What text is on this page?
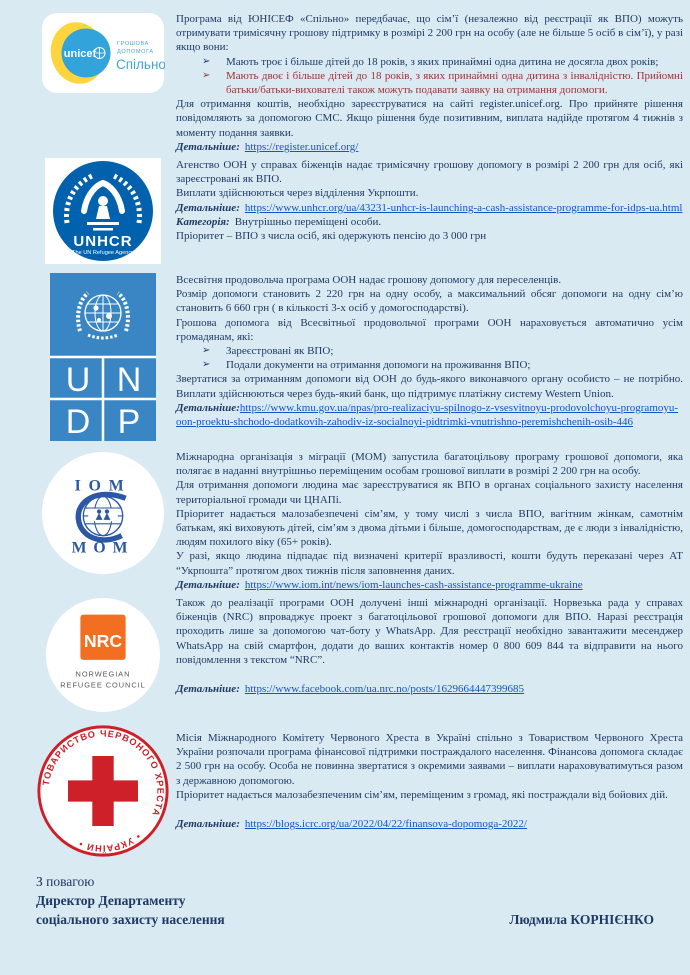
unicef
ГРОШОВА
ДОПОМОГА
Спільно

Програма від ЮНІСЕФ «Спільно» передбачає, що сім’ї (незалежно від реєстрації як ВПО) можуть отримувати тримісячну грошову підтримку в розмірі 2 200 грн на особу (але не більше 5 осіб в сім’ї), у разі якщо вони:

➢	Мають троє і більше дітей до 18 років, з яких принаймні одна дитина не досягла двох років;
➢	Мають двоє і більше дітей до 18 років, з яких принаймні одна дитина з інвалідністю. Прийомні батьки/батьки-вихователі також можуть подавати заявку на отримання допомоги.

Для отримання коштів, необхідно зареєструватися на сайті register.unicef.org. Про прийняте рішення повідомляють за допомогою СМС. Якщо рішення буде позитивним, виплата надійде протягом 4 тижнів з моменту подання заявки.

Детальніше: https://register.unicef.org/

UNHCR
The UN Refugee Agency

Агенство ООН у справах біженців надає тримісячну грошову допомогу в розмірі 2 200 грн для осіб, які зареєстровані як ВПО.

Виплати здійснюються через відділення Укрпошти.

Детальніше: https://www.unhcr.org/ua/43231-unhcr-is-launching-a-cash-assistance-programme-for-idps-ua.html

Категорія: Внутрішньо переміщені особи.

Пріоритет – ВПО з числа осіб, які одержують пенсію до 3 000 грн

U N
D P

Всесвітня продовольча програма ООН надає грошову допомогу для переселенців.

Розмір допомоги становить 2 220 грн на одну особу, а максимальний обсяг допомоги на одну сім’ю становить 6 660 грн ( в кількості 3-х осіб у домогосподарстві).

Грошова допомога від Всесвітньої продовольчої програми ООН нараховується автоматично усім громадянам, які:

➢	Зареєстровані як ВПО;
➢	Подали документи на отримання допомоги на проживання ВПО;

Звертатися за отриманням допомоги від ООН до будь-якого виконавчого органу особисто – не потрібно. Виплати здійснюються через будь-який банк, що підтримує платіжну систему Western Union.

Детальніше:https://www.kmu.gov.ua/npas/pro-realizaciyu-spilnogo-z-vsesvitnoyu-prodovolchoyu-programoyu-oon-proektu-shchodo-dodatkovih-zahodiv-iz-socialnoyi-pidtrimki-vnutrishno-peremishchenih-osib-446

IOM
МОМ

Міжнародна організація з міграції (МОМ) запустила багатоцільову програму грошової допомоги, яка полягає в наданні внутрішньо переміщеним особам грошової виплати в розмірі 2 200 грн на особу.

Для отримання допомоги людина має зареєструватися як ВПО в органах соціального захисту населення територіальної громади чи ЦНАПі.

Пріоритет надається малозабезпечені сім’ям, у тому числі з числа ВПО, вагітним жінкам, самотнім батькам, які виховують дітей, сім’ям з двома дітьми і більше, домогосподарствам, де є люди з інвалідністю, людям похилого віку (65+ років).

У разі, якщо людина підпадає під визначені критерії вразливості, кошти будуть переказані через АТ “Укрпошта” протягом двох тижнів після заповнення даних.

Детальніше: https://www.iom.int/news/iom-launches-cash-assistance-programme-ukraine

NRC
NORWEGIAN
REFUGEE COUNCIL

Також до реалізації програми ООН долучені інші міжнародні організації. Норвезька рада у справах біженців (NRC) впроваджує проект з багатоцільової грошової допомоги для ВПО. Наразі реєстрація проходить лише за допомогою чат-боту у WhatsApp. Для реєстрації необхідно завантажити месенджер WhatsApp на свій смартфон, додати до ваших контактів номер 0 800 609 844 та відправити на нього повідомлення з текстом “NRC”.

Детальніше: https://www.facebook.com/ua.nrc.no/posts/1629664447399685

ТОВАРИСТВО ЧЕРВОНОГО ХРЕСТА
• УКРАЇНИ •

Місія Міжнародного Комітету Червоного Хреста в Україні спільно з Товариством Червоного Хреста України розпочали програма фінансової підтримки постраждалого населення. Фінансова допомога складає 2 500 грн на особу. Особа не повинна звертатися з окремими заявами – виплати нараховуватимуться разом з державною допомогою.

Пріоритет надається малозабезпеченим сім’ям, переміщеним з громад, які постраждали від бойових дій.

Детальніше: https://blogs.icrc.org/ua/2022/04/22/finansova-dopomoga-2022/

З повагою

Директор Департаменту

соціального захисту населення	Людмила КОРНІЄНКО
